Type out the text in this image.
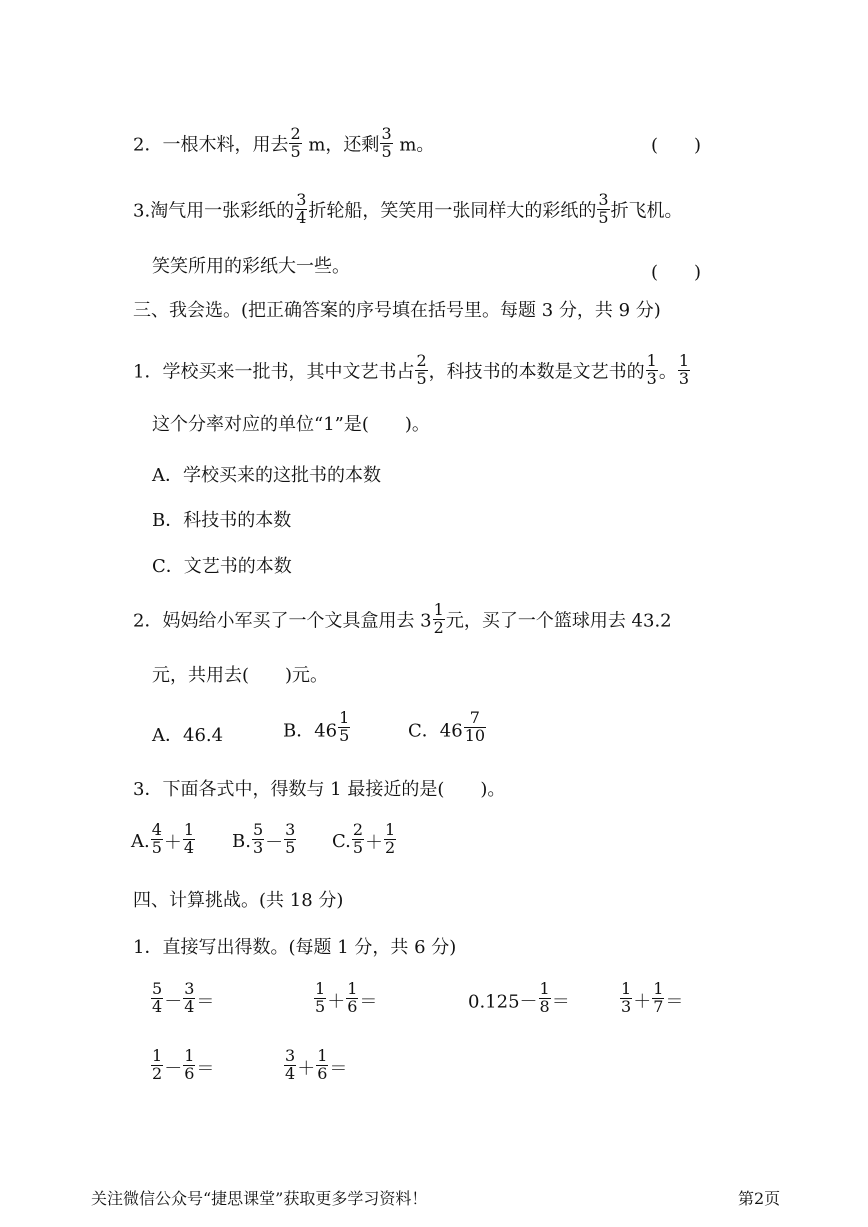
2．一根木料，用去 $\frac{2}{5}$ m，还剩 $\frac{3}{5}$ m。	(　　)
3.淘气用一张彩纸的 $\frac{3}{4}$ 折轮船，笑笑用一张同样大的彩纸的 $\frac{3}{5}$ 折飞机。
笑笑所用的彩纸大一些。	(　　)
三、我会选。(把正确答案的序号填在括号里。每题 3 分，共 9 分)
1．学校买来一批书，其中文艺书占 $\frac{2}{5}$ ，科技书的本数是文艺书的 $\frac{1}{3}$ 。 $\frac{1}{3}$
这个分率对应的单位“1”是(　　)。
A．学校买来的这批书的本数
B．科技书的本数
C．文艺书的本数
2．妈妈给小军买了一个文具盒用去 $3 \frac{1}{2}$ 元，买了一个篮球用去 43.2
元，共用去(　　)元。
A．46.4	B．$46 \frac{1}{5}$	C．$46 \frac{7}{10}$
3．下面各式中，得数与 1 最接近的是(　　)。
A. $\frac{4}{5} + \frac{1}{4} B$. $\frac{5}{3} - \frac{3}{5} C$. $\frac{2}{5} + \frac{1}{2}$
四、计算挑战。(共 18 分)
1．直接写出得数。(每题 1 分，共 6 分)
$\frac{5}{4} - \frac{3}{4}$ ＝	$\frac{1}{5} + \frac{1}{6}$ ＝	$0.125- \frac{1}{8}$ ＝	$\frac{1}{3} + \frac{1}{7}$ ＝
$\frac{1}{2} - \frac{1}{6}$ ＝	$\frac{3}{4} + \frac{1}{6}$ ＝
关注微信公众号“捷思课堂”获取更多学习资料！	第2页
